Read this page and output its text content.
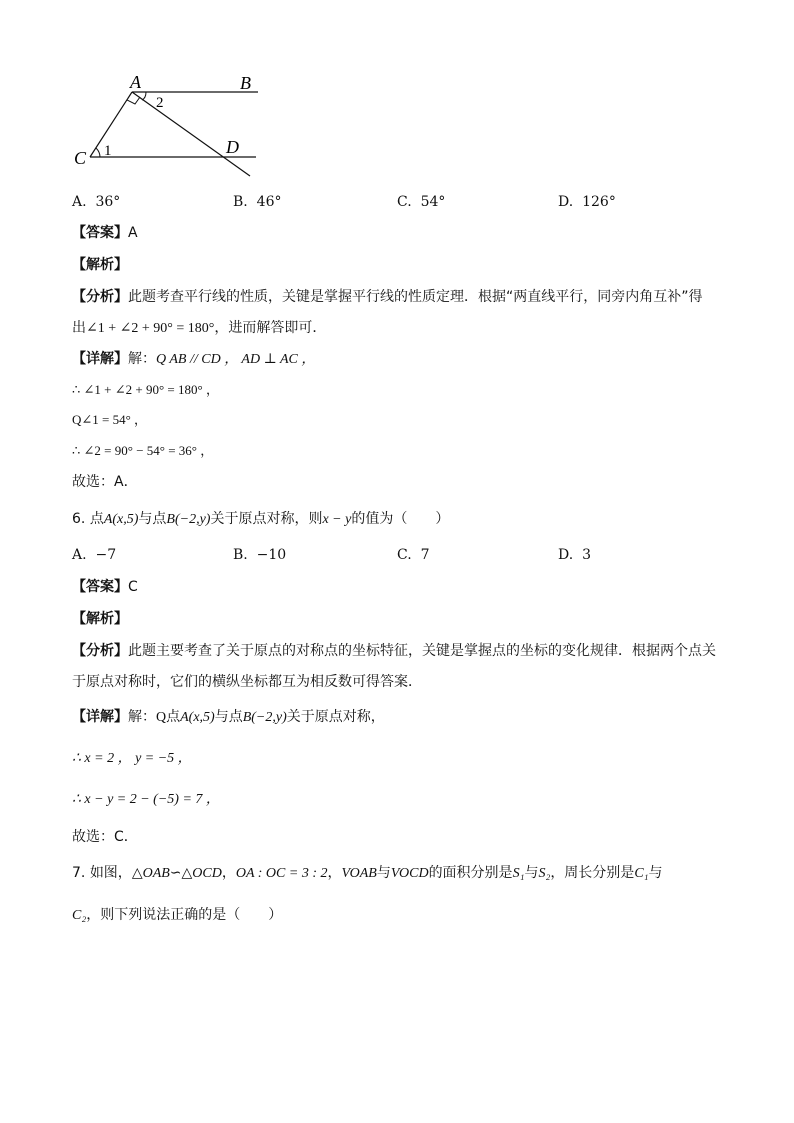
A	B
C
D
1
2
A. 36°	B. 46°	C. 54°	D. 126°
【答案】A
【解析】
【分析】此题考查平行线的性质，关键是掌握平行线的性质定理．根据“两直线平行，同旁内角互补”得
出∠1 + ∠2 + 90° = 180°，进而解答即可．
【详解】解：Q AB // CD ， AD ⊥ AC ，
∴ ∠1 + ∠2 + 90° = 180° ，
Q∠1 = 54° ，
∴ ∠2 = 90° − 54° = 36° ，
故选：A．
6. 点A(x,5)与点B(−2,y)关于原点对称，则x − y的值为（　　）
A. −7	B. −10	C. 7	D. 3
【答案】C
【解析】
【分析】此题主要考查了关于原点的对称点的坐标特征，关键是掌握点的坐标的变化规律．根据两个点关
于原点对称时，它们的横纵坐标都互为相反数可得答案．
【详解】解：Q点A(x,5)与点B(−2,y)关于原点对称，
∴ x = 2 ， y = −5 ，
∴ x − y = 2 − (−5) = 7 ，
故选：C．
7. 如图，△OAB∽△OCD，OA : OC = 3 : 2，VOAB与VOCD的面积分别是S₁与S₂，周长分别是C₁与
C₂，则下列说法正确的是（　　）
